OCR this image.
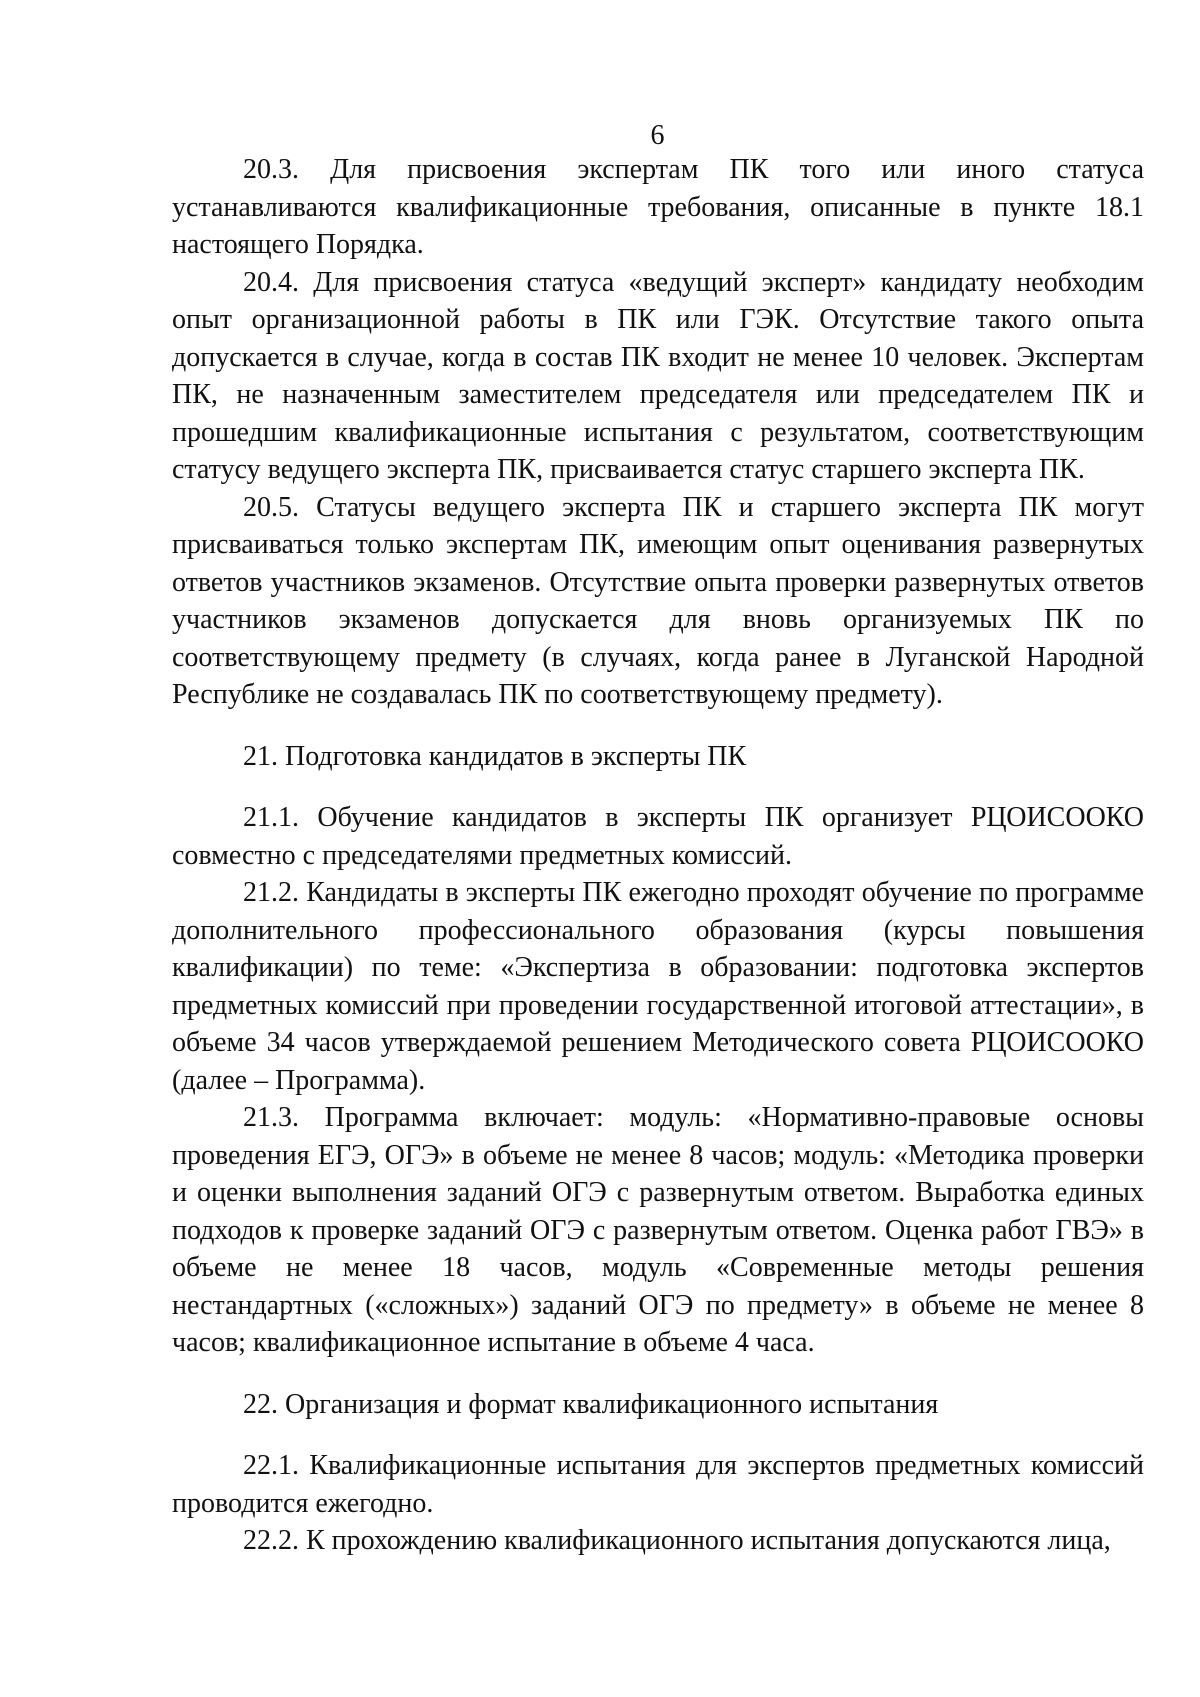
6

20.3. Для присвоения экспертам ПК того или иного статуса устанавливаются квалификационные требования, описанные в пункте 18.1 настоящего Порядка.

20.4. Для присвоения статуса «ведущий эксперт» кандидату необходим опыт организационной работы в ПК или ГЭК. Отсутствие такого опыта допускается в случае, когда в состав ПК входит не менее 10 человек. Экспертам ПК, не назначенным заместителем председателя или председателем ПК и прошедшим квалификационные испытания с результатом, соответствующим статусу ведущего эксперта ПК, присваивается статус старшего эксперта ПК.

20.5. Статусы ведущего эксперта ПК и старшего эксперта ПК могут присваиваться только экспертам ПК, имеющим опыт оценивания развернутых ответов участников экзаменов. Отсутствие опыта проверки развернутых ответов участников экзаменов допускается для вновь организуемых ПК по соответствующему предмету (в случаях, когда ранее в Луганской Народной Республике не создавалась ПК по соответствующему предмету).

21. Подготовка кандидатов в эксперты ПК

21.1. Обучение кандидатов в эксперты ПК организует РЦОИСООКО совместно с председателями предметных комиссий.

21.2. Кандидаты в эксперты ПК ежегодно проходят обучение по программе дополнительного профессионального образования (курсы повышения квалификации) по теме: «Экспертиза в образовании: подготовка экспертов предметных комиссий при проведении государственной итоговой аттестации», в объеме 34 часов утверждаемой решением Методического совета РЦОИСООКО (далее – Программа).

21.3. Программа включает: модуль: «Нормативно-правовые основы проведения ЕГЭ, ОГЭ» в объеме не менее 8 часов; модуль: «Методика проверки и оценки выполнения заданий ОГЭ с развернутым ответом. Выработка единых подходов к проверке заданий ОГЭ с развернутым ответом. Оценка работ ГВЭ» в объеме не менее 18 часов, модуль «Современные методы решения нестандартных («сложных») заданий ОГЭ по предмету» в объеме не менее 8 часов; квалификационное испытание в объеме 4 часа.

22. Организация и формат квалификационного испытания

22.1. Квалификационные испытания для экспертов предметных комиссий проводится ежегодно.

22.2. К прохождению квалификационного испытания допускаются лица,
